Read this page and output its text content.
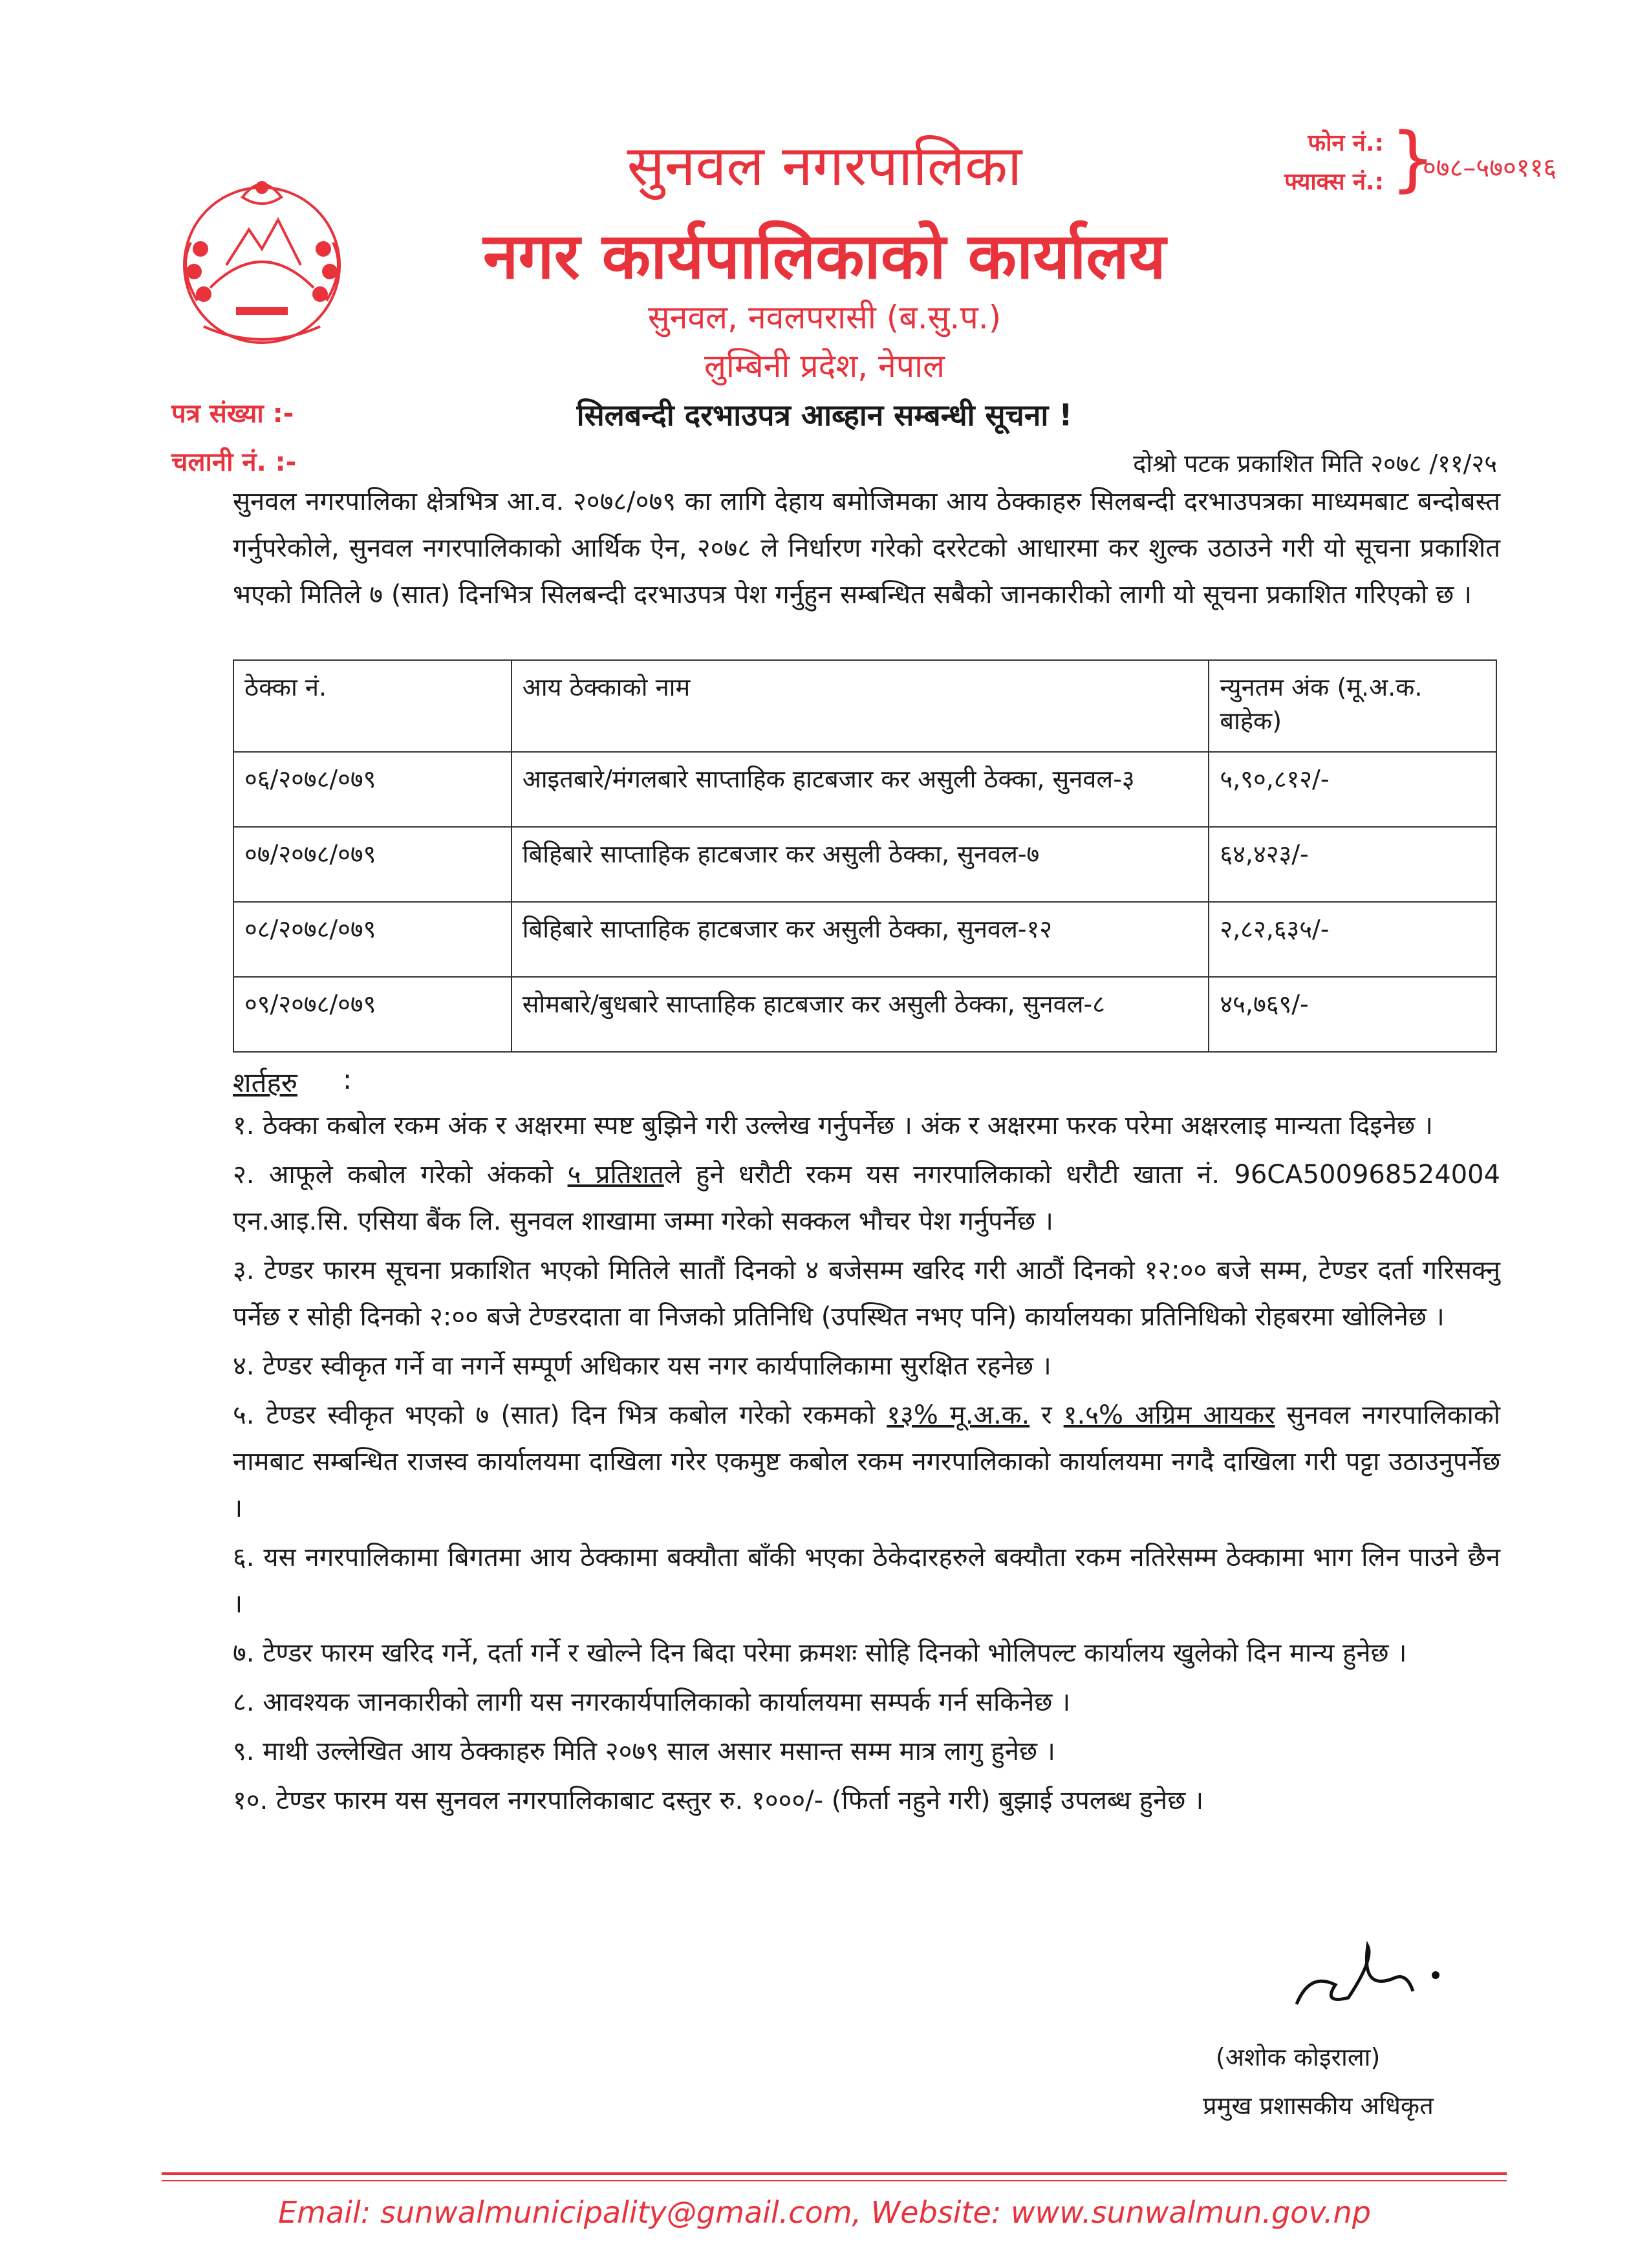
सुनवल नगरपालिका
नगर कार्यपालिकाको कार्यालय
सुनवल, नवलपरासी (ब.सु.प.)
लुम्बिनी प्रदेश, नेपाल
फोन नं.:
फ्याक्स नं.: }
०७८–५७०११६
पत्र संख्या :-
चलानी नं. :-
सिलबन्दी दरभाउपत्र आब्हान सम्बन्धी सूचना !
दोश्रो पटक प्रकाशित मिति २०७८ /११/२५
सुनवल नगरपालिका क्षेत्रभित्र आ.व. २०७८/०७९ का लागि देहाय बमोजिमका आय ठेक्काहरु सिलबन्दी दरभाउपत्रका माध्यमबाट बन्दोबस्त गर्नुपरेकोले, सुनवल नगरपालिकाको आर्थिक ऐन, २०७८ ले निर्धारण गरेको दररेटको आधारमा कर शुल्क उठाउने गरी यो सूचना प्रकाशित भएको मितिले ७ (सात) दिनभित्र सिलबन्दी दरभाउपत्र पेश गर्नुहुन सम्बन्धित सबैको जानकारीको लागी यो सूचना प्रकाशित गरिएको छ ।
ठेक्का नं.	आय ठेक्काको नाम	न्युनतम अंक (मू.अ.क. बाहेक)
०६/२०७८/०७९	आइतबारे/मंगलबारे साप्ताहिक हाटबजार कर असुली ठेक्का, सुनवल-३	५,९०,८१२/-
०७/२०७८/०७९	बिहिबारे साप्ताहिक हाटबजार कर असुली ठेक्का, सुनवल-७	६४,४२३/-
०८/२०७८/०७९	बिहिबारे साप्ताहिक हाटबजार कर असुली ठेक्का, सुनवल-१२	२,८२,६३५/-
०९/२०७८/०७९	सोमबारे/बुधबारे साप्ताहिक हाटबजार कर असुली ठेक्का, सुनवल-८	४५,७६९/-
शर्तहरु :

१. ठेक्का कबोल रकम अंक र अक्षरमा स्पष्ट बुझिने गरी उल्लेख गर्नुपर्नेछ । अंक र अक्षरमा फरक परेमा अक्षरलाइ मान्यता दिइनेछ ।

२. आफूले कबोल गरेको अंकको ५ प्रतिशतले हुने धरौटी रकम यस नगरपालिकाको धरौटी खाता नं. 96CA500968524004 एन.आइ.सि. एसिया बैंक लि. सुनवल शाखामा जम्मा गरेको सक्कल भौचर पेश गर्नुपर्नेछ ।

३. टेण्डर फारम सूचना प्रकाशित भएको मितिले सातौं दिनको ४ बजेसम्म खरिद गरी आठौं दिनको १२:०० बजे सम्म, टेण्डर दर्ता गरिसक्नु पर्नेछ र सोही दिनको २:०० बजे टेण्डरदाता वा निजको प्रतिनिधि (उपस्थित नभए पनि) कार्यालयका प्रतिनिधिको रोहबरमा खोलिनेछ ।

४. टेण्डर स्वीकृत गर्ने वा नगर्ने सम्पूर्ण अधिकार यस नगर कार्यपालिकामा सुरक्षित रहनेछ ।

५. टेण्डर स्वीकृत भएको ७ (सात) दिन भित्र कबोल गरेको रकमको १३% मू.अ.क. र १.५% अग्रिम आयकर सुनवल नगरपालिकाको नामबाट सम्बन्धित राजस्व कार्यालयमा दाखिला गरेर एकमुष्ट कबोल रकम नगरपालिकाको कार्यालयमा नगदै दाखिला गरी पट्टा उठाउनुपर्नेछ ।

६. यस नगरपालिकामा बिगतमा आय ठेक्कामा बक्यौता बाँकी भएका ठेकेदारहरुले बक्यौता रकम नतिरेसम्म ठेक्कामा भाग लिन पाउने छैन ।

७. टेण्डर फारम खरिद गर्ने, दर्ता गर्ने र खोल्ने दिन बिदा परेमा क्रमशः सोहि दिनको भोलिपल्ट कार्यालय खुलेको दिन मान्य हुनेछ ।

८. आवश्यक जानकारीको लागी यस नगरकार्यपालिकाको कार्यालयमा सम्पर्क गर्न सकिनेछ ।

९. माथी उल्लेखित आय ठेक्काहरु मिति २०७९ साल असार मसान्त सम्म मात्र लागु हुनेछ ।

१०. टेण्डर फारम यस सुनवल नगरपालिकाबाट दस्तुर रु. १०००/- (फिर्ता नहुने गरी) बुझाई उपलब्ध हुनेछ ।

(अशोक कोइराला)
प्रमुख प्रशासकीय अधिकृत
Email: sunwalmunicipality@gmail.com, Website: www.sunwalmun.gov.np
